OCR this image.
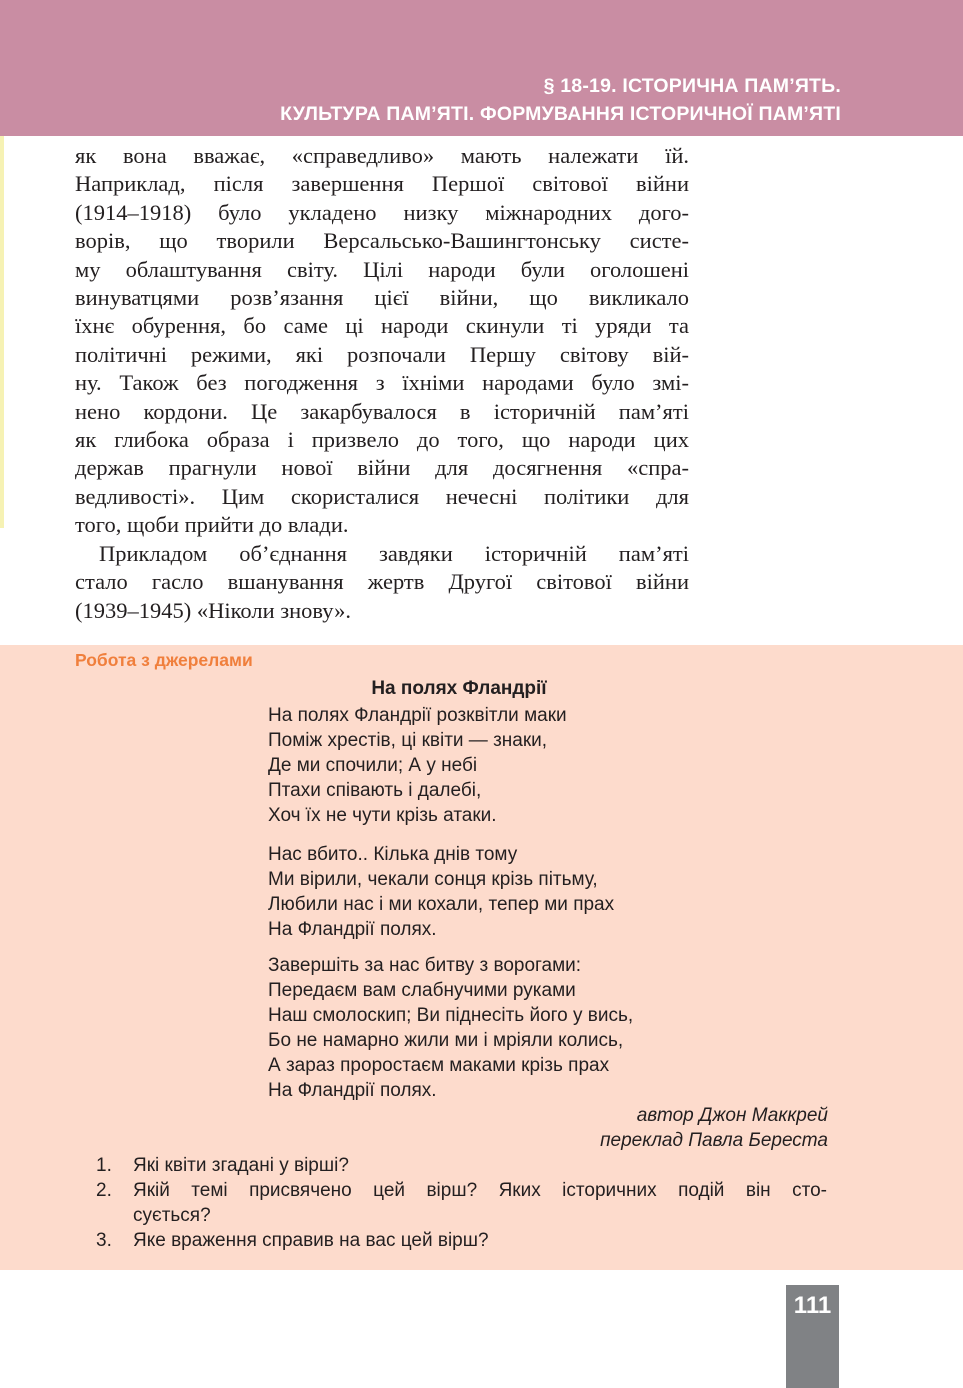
§ 18-19. ІСТОРИЧНА ПАМ’ЯТЬ.
КУЛЬТУРА ПАМ’ЯТІ. ФОРМУВАННЯ ІСТОРИЧНОЇ ПАМ’ЯТІ
як вона вважає, «справедливо» мають належати їй.
Наприклад, після завершення Першої світової війни
(1914–1918) було укладено низку міжнародних дого-
ворів, що творили Версальсько-Вашингтонську систе-
му облаштування світу. Цілі народи були оголошені
винуватцями розв’язання цієї війни, що викликало
їхнє обурення, бо саме ці народи скинули ті уряди та
політичні режими, які розпочали Першу світову вій-
ну. Також без погодження з їхніми народами було змі-
нено кордони. Це закарбувалося в історичній пам’яті
як глибока образа і призвело до того, що народи цих
держав прагнули нової війни для досягнення «спра-
ведливості». Цим скористалися нечесні політики для
того, щоби прийти до влади.
Прикладом об’єднання завдяки історичній пам’яті
стало гасло вшанування жертв Другої світової війни
(1939–1945) «Ніколи знову».
Робота з джерелами
На полях Фландрії
На полях Фландрії розквітли маки
Поміж хрестів, ці квіти — знаки,
Де ми спочили; А у небі
Птахи співають і далебі,
Хоч їх не чути крізь атаки.
Нас вбито.. Кілька днів тому
Ми вірили, чекали сонця крізь пітьму,
Любили нас і ми кохали, тепер ми прах
На Фландрії полях.
Завершіть за нас битву з ворогами:
Передаєм вам слабнучими руками
Наш смолоскип; Ви піднесіть його у вись,
Бо не намарно жили ми і мріяли колись,
А зараз проростаєм маками крізь прах
На Фландрії полях.
автор Джон Маккрей
переклад Павла Береста
1. Які квіти згадані у вірші?
2. Якій темі присвячено цей вірш? Яких історичних подій він сто-
сується?
3. Яке враження справив на вас цей вірш?
111
